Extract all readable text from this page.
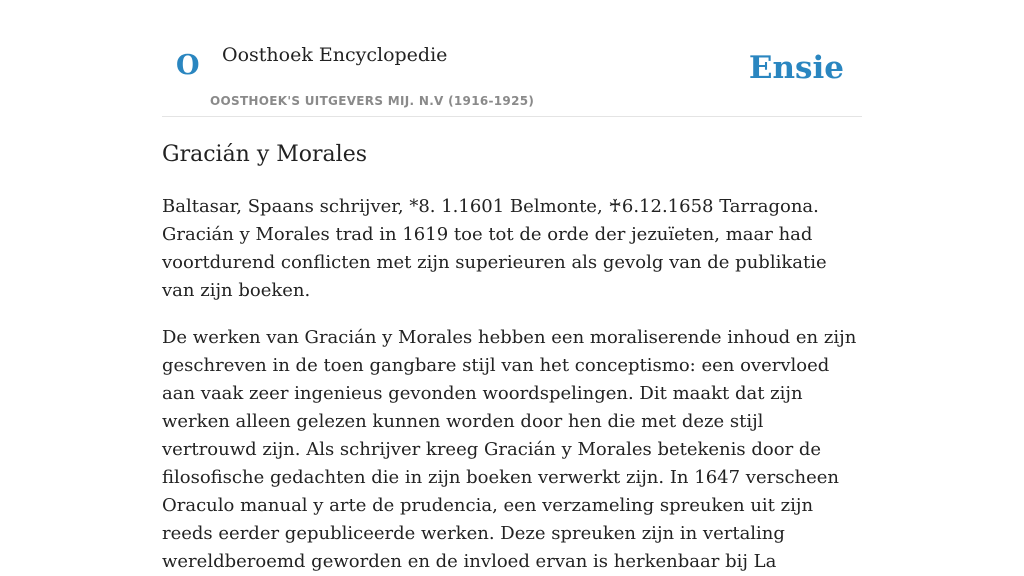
O Oosthoek Encyclopedie
OOSTHOEK'S UITGEVERS MIJ. N.V (1916-1925)
Ensie
Gracián y Morales

Baltasar, Spaans schrijver, *8. 1.1601 Belmonte, ♰6.12.1658 Tarragona. Gracián y Morales trad in 1619 toe tot de orde der jezuïeten, maar had voortdurend conflicten met zijn superieuren als gevolg van de publikatie van zijn boeken.

De werken van Gracián y Morales hebben een moraliserende inhoud en zijn geschreven in de toen gangbare stijl van het conceptismo: een overvloed aan vaak zeer ingenieus gevonden woordspelingen. Dit maakt dat zijn werken alleen gelezen kunnen worden door hen die met deze stijl vertrouwd zijn. Als schrijver kreeg Gracián y Morales betekenis door de filosofische gedachten die in zijn boeken verwerkt zijn. In 1647 verscheen Oraculo manual y arte de prudencia, een verzameling spreuken uit zijn reeds eerder gepubliceerde werken. Deze spreuken zijn in vertaling wereldberoemd geworden en de invloed ervan is herkenbaar bij La
